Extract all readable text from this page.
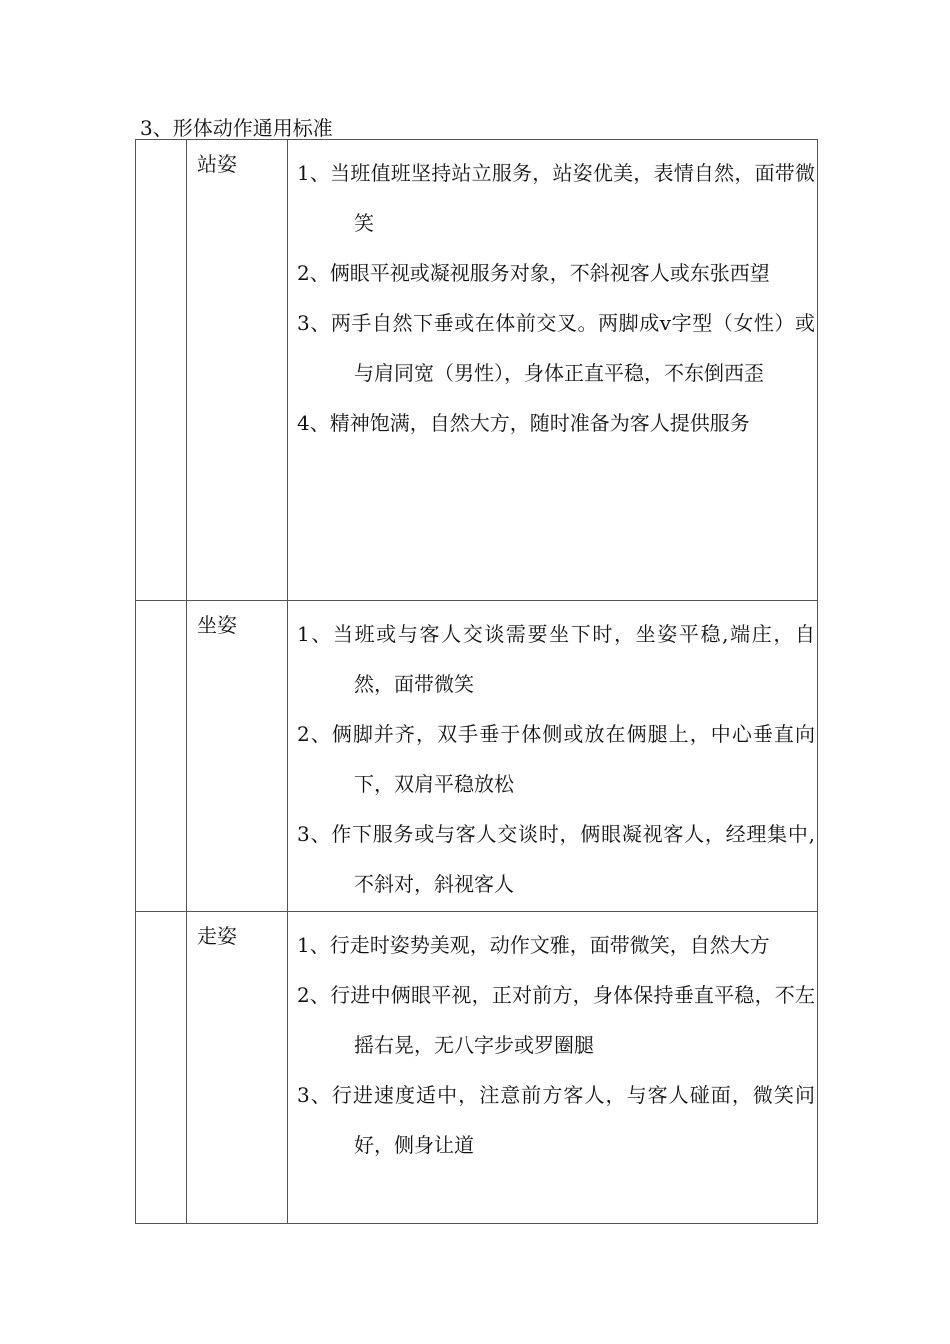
3、形体动作通用标准

	站姿	1、当班值班坚持站立服务，站姿优美，表情自然，面带微笑

2、俩眼平视或凝视服务对象，不斜视客人或东张西望

3、两手自然下垂或在体前交叉。两脚成v字型（女性）或与肩同宽（男性），身体正直平稳，不东倒西歪

4、精神饱满，自然大方，随时准备为客人提供服务

	坐姿	1、当班或与客人交谈需要坐下时，坐姿平稳,端庄，自然，面带微笑

2、俩脚并齐，双手垂于体侧或放在俩腿上，中心垂直向下，双肩平稳放松

3、作下服务或与客人交谈时，俩眼凝视客人，经理集中,不斜对，斜视客人

	走姿	1、行走时姿势美观，动作文雅，面带微笑，自然大方

2、行进中俩眼平视，正对前方，身体保持垂直平稳，不左摇右晃，无八字步或罗圈腿

3、行进速度适中，注意前方客人，与客人碰面，微笑问好，侧身让道
